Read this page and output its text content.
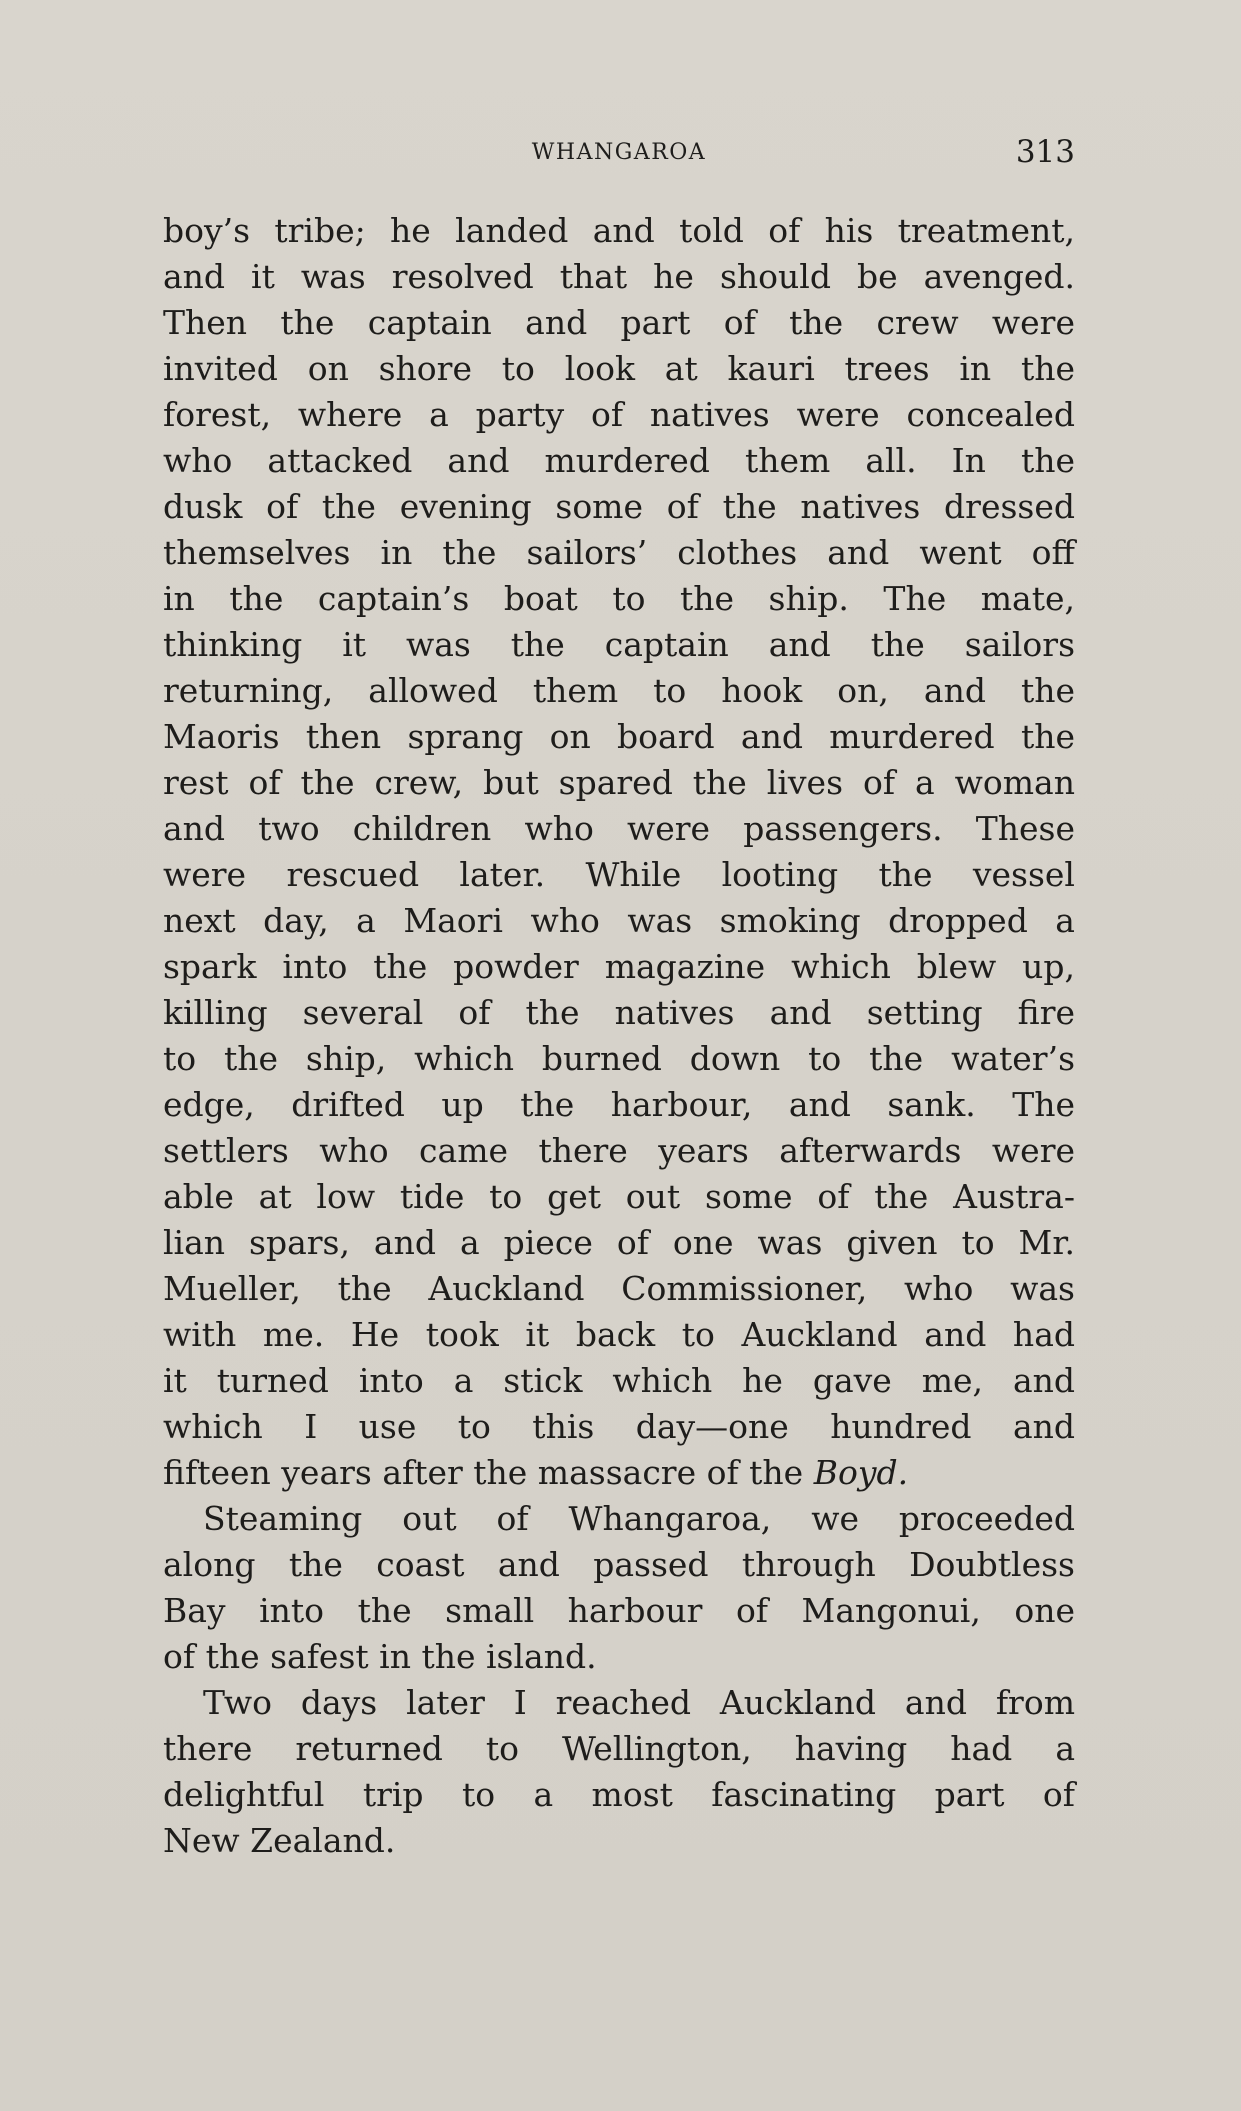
WHANGAROA	313
boy’s tribe; he landed and told of his treatment,
and it was resolved that he should be avenged.
Then the captain and part of the crew were
invited on shore to look at kauri trees in the
forest, where a party of natives were concealed
who attacked and murdered them all. In the
dusk of the evening some of the natives dressed
themselves in the sailors’ clothes and went off
in the captain’s boat to the ship. The mate,
thinking it was the captain and the sailors
returning, allowed them to hook on, and the
Maoris then sprang on board and murdered the
rest of the crew, but spared the lives of a woman
and two children who were passengers. These
were rescued later. While looting the vessel
next day, a Maori who was smoking dropped a
spark into the powder magazine which blew up,
killing several of the natives and setting fire
to the ship, which burned down to the water’s
edge, drifted up the harbour, and sank. The
settlers who came there years afterwards were
able at low tide to get out some of the Austra-
lian spars, and a piece of one was given to Mr.
Mueller, the Auckland Commissioner, who was
with me. He took it back to Auckland and had
it turned into a stick which he gave me, and
which I use to this day—one hundred and
fifteen years after the massacre of the Boyd.
Steaming out of Whangaroa, we proceeded
along the coast and passed through Doubtless
Bay into the small harbour of Mangonui, one
of the safest in the island.
Two days later I reached Auckland and from
there returned to Wellington, having had a
delightful trip to a most fascinating part of
New Zealand.
